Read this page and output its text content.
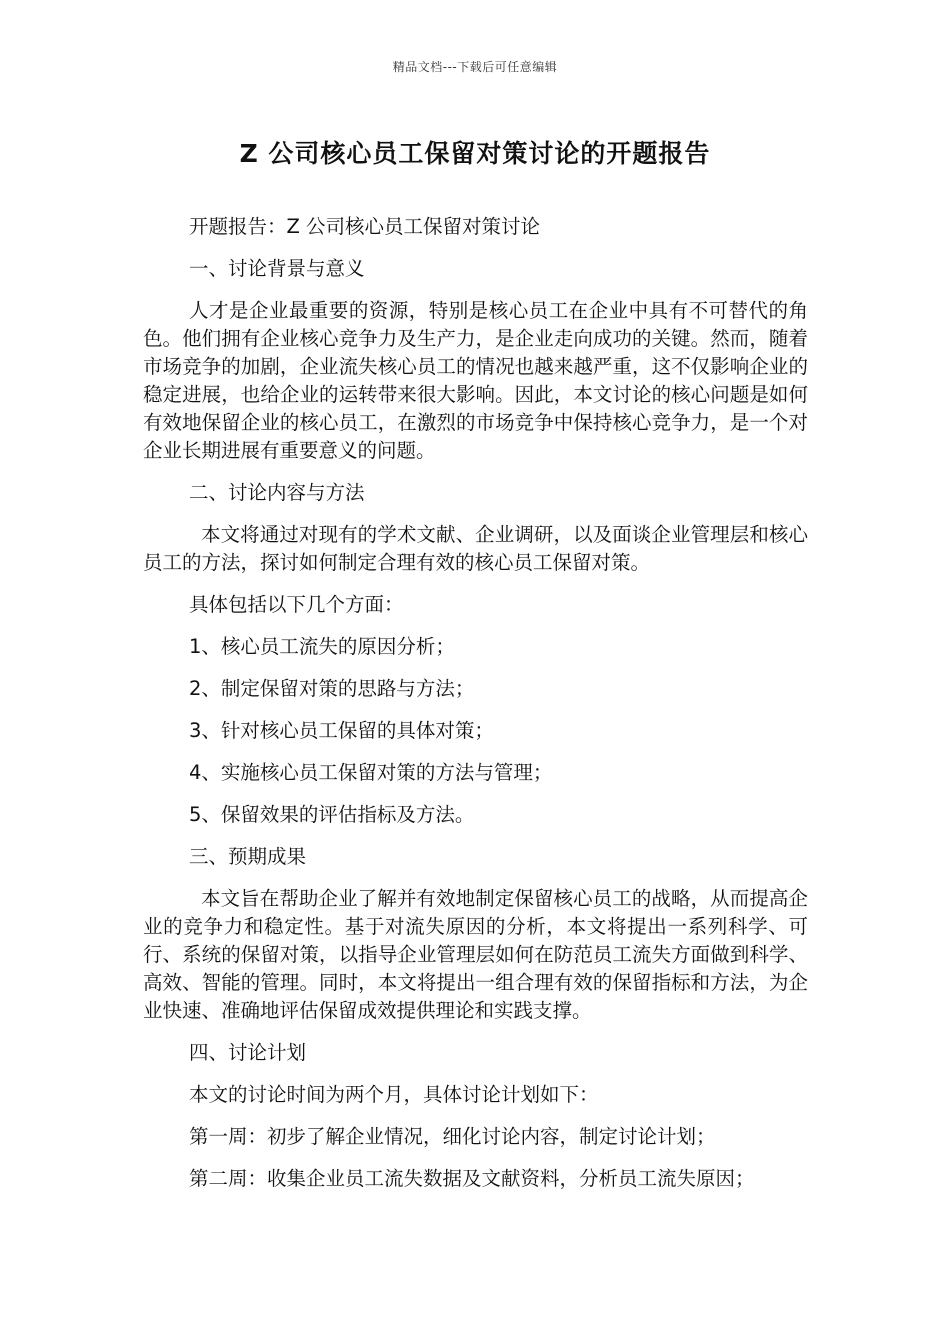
精品文档---下载后可任意编辑
Z 公司核心员工保留对策讨论的开题报告

开题报告：Z 公司核心员工保留对策讨论

一、讨论背景与意义

人才是企业最重要的资源，特别是核心员工在企业中具有不可替代的角色。他们拥有企业核心竞争力及生产力，是企业走向成功的关键。然而，随着市场竞争的加剧，企业流失核心员工的情况也越来越严重，这不仅影响企业的稳定进展，也给企业的运转带来很大影响。因此，本文讨论的核心问题是如何有效地保留企业的核心员工，在激烈的市场竞争中保持核心竞争力，是一个对企业长期进展有重要意义的问题。

二、讨论内容与方法

本文将通过对现有的学术文献、企业调研，以及面谈企业管理层和核心员工的方法，探讨如何制定合理有效的核心员工保留对策。

具体包括以下几个方面：

1、核心员工流失的原因分析；

2、制定保留对策的思路与方法；

3、针对核心员工保留的具体对策；

4、实施核心员工保留对策的方法与管理；

5、保留效果的评估指标及方法。

三、预期成果

本文旨在帮助企业了解并有效地制定保留核心员工的战略，从而提高企业的竞争力和稳定性。基于对流失原因的分析，本文将提出一系列科学、可行、系统的保留对策，以指导企业管理层如何在防范员工流失方面做到科学、高效、智能的管理。同时，本文将提出一组合理有效的保留指标和方法，为企业快速、准确地评估保留成效提供理论和实践支撑。

四、讨论计划

本文的讨论时间为两个月，具体讨论计划如下：

第一周：初步了解企业情况，细化讨论内容，制定讨论计划；

第二周：收集企业员工流失数据及文献资料，分析员工流失原因；
